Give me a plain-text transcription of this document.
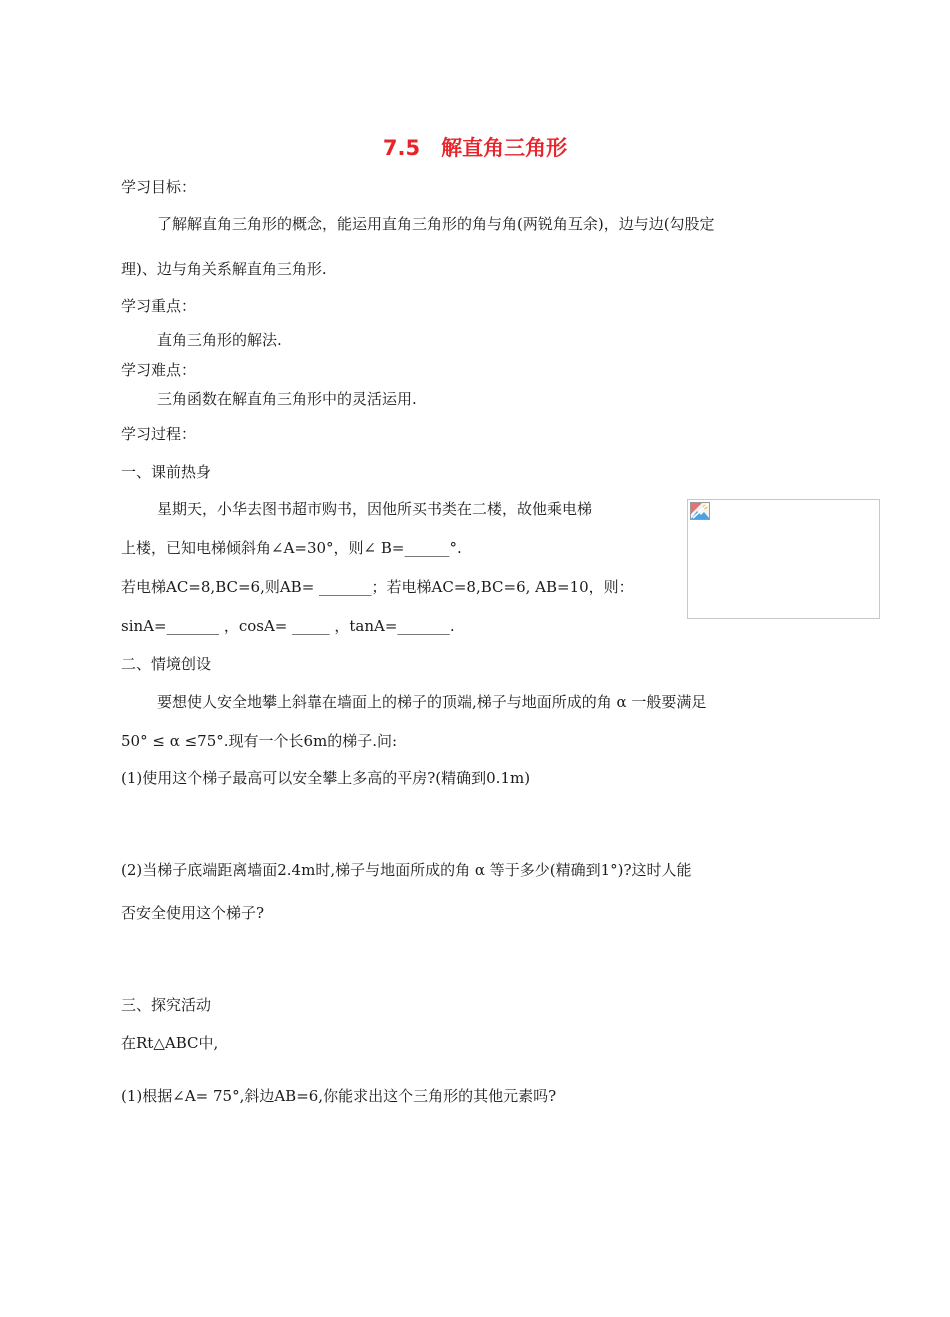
7.5　解直角三角形
学习目标：
了解解直角三角形的概念，能运用直角三角形的角与角(两锐角互余)，边与边(勾股定
理)、边与角关系解直角三角形.
学习重点：
直角三角形的解法.
学习难点：
三角函数在解直角三角形中的灵活运用.
学习过程：
一、课前热身
星期天，小华去图书超市购书，因他所买书类在二楼，故他乘电梯
上楼，已知电梯倾斜角∠A=30°，则∠ B=______°.
若电梯AC=8,BC=6,则AB= _______；若电梯AC=8,BC=6, AB=10，则：
sinA=_______ ，cosA= _____ ，tanA=_______.
二、情境创设
要想使人安全地攀上斜靠在墙面上的梯子的顶端,梯子与地面所成的角 α 一般要满足
50° ≤ α ≤75°.现有一个长6m的梯子.问:
(1)使用这个梯子最高可以安全攀上多高的平房?(精确到0.1m)
(2)当梯子底端距离墙面2.4m时,梯子与地面所成的角 α 等于多少(精确到1°)?这时人能
否安全使用这个梯子?
三、探究活动
在Rt△ABC中,
(1)根据∠A= 75°,斜边AB=6,你能求出这个三角形的其他元素吗?
